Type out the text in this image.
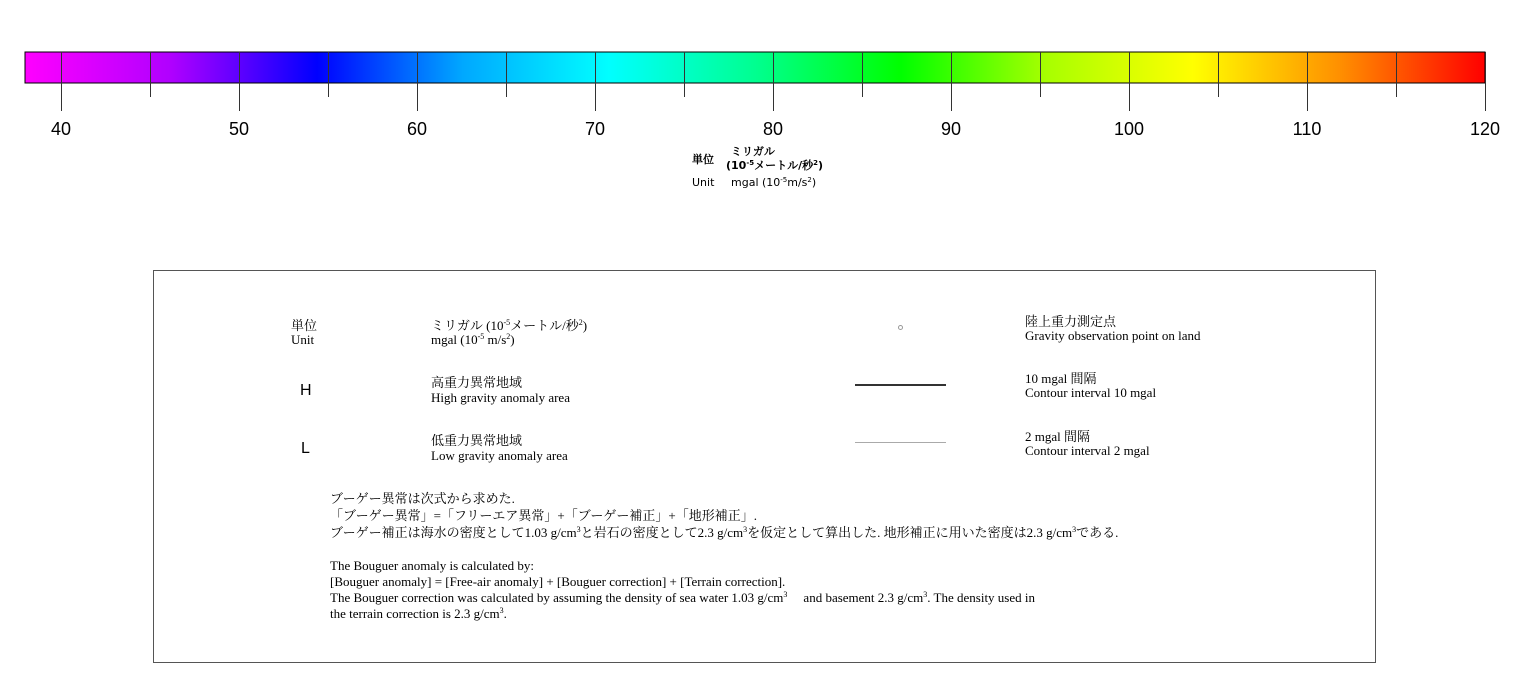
40	50	60	70	80	90	100	110	120
単位
ミリガル
($10^{-5}$メートル/秒$^2$)
Unit mgal $(10^{-5}m/s^2)$
単位
Unit
ミリガル ($10^{-5}$メートル/秒$^2$)
mgal ($10^{-5}$ $m/s^2$)
陸上重力測定点
Gravity observation point on land
H	高重力異常地域
High gravity anomaly area
10 mgal 間隔
Contour interval 10 mgal
L	低重力異常地域
Low gravity anomaly area
2 mgal 間隔
Contour interval 2 mgal
ブーゲー異常は次式から求めた.
「ブーゲー異常」=「フリーエア異常」+「ブーゲー補正」+「地形補正」.
ブーゲー補正は海水の密度として1.03 $g/cm^3$と岩石の密度として2.3 $g/cm^3$を仮定として算出した. 地形補正に用いた密度は2.3 $g/cm^3$である.
The Bouguer anomaly is calculated by:
[Bouguer anomaly] = [Free-air anomaly] + [Bouguer correction] + [Terrain correction].
The Bouguer correction was calculated by assuming the density of sea water 1.03 $g/cm^3$ and basement 2.3 $g/cm^3$. The density used in
the terrain correction is 2.3 $g/cm^3$.
